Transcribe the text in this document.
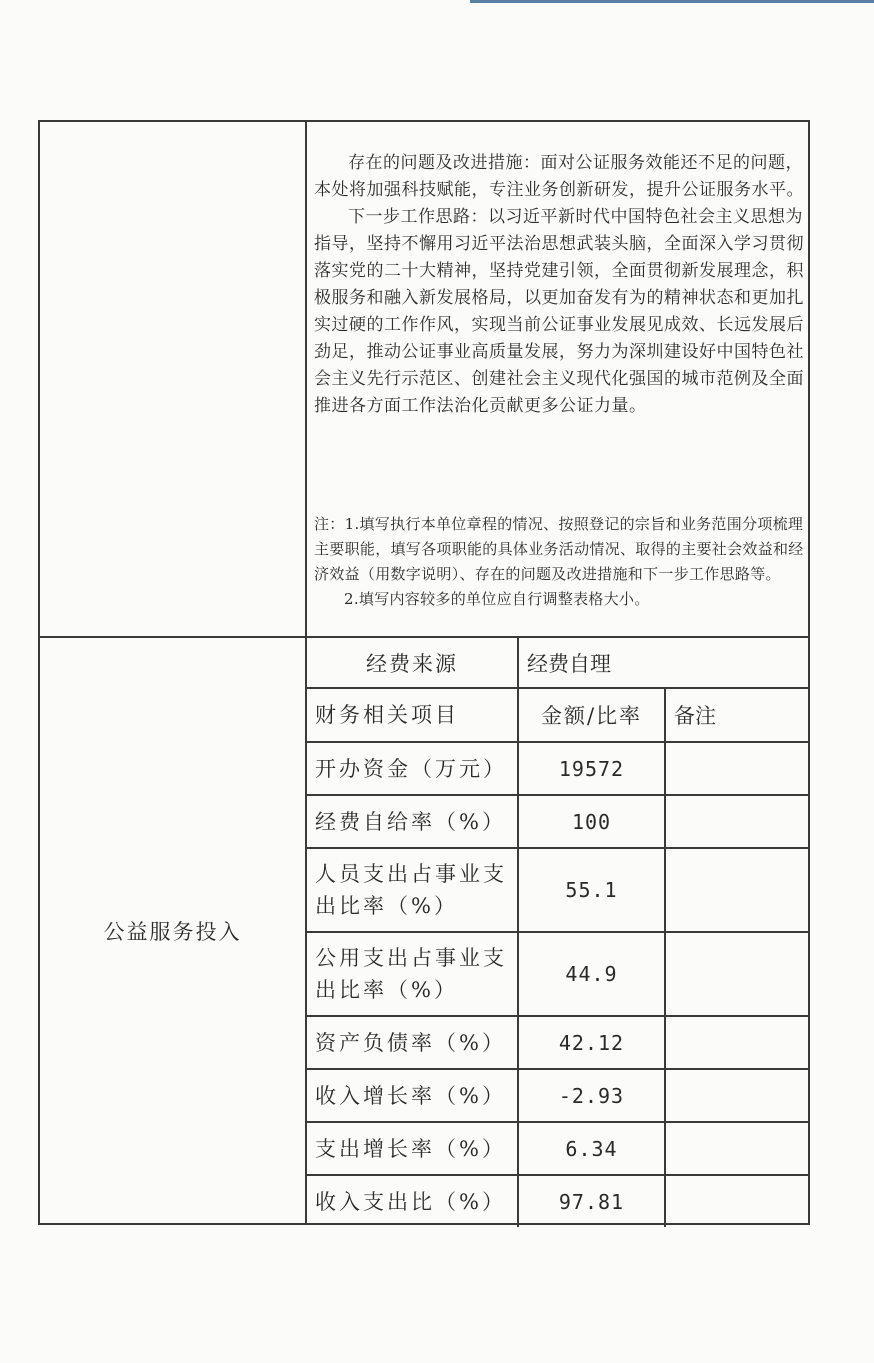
存在的问题及改进措施：面对公证服务效能还不足的问题，本处将加强科技赋能，专注业务创新研发，提升公证服务水平。

下一步工作思路：以习近平新时代中国特色社会主义思想为指导，坚持不懈用习近平法治思想武装头脑，全面深入学习贯彻落实党的二十大精神，坚持党建引领，全面贯彻新发展理念，积极服务和融入新发展格局，以更加奋发有为的精神状态和更加扎实过硬的工作作风，实现当前公证事业发展见成效、长远发展后劲足，推动公证事业高质量发展，努力为深圳建设好中国特色社会主义先行示范区、创建社会主义现代化强国的城市范例及全面推进各方面工作法治化贡献更多公证力量。

注：1.填写执行本单位章程的情况、按照登记的宗旨和业务范围分项梳理主要职能，填写各项职能的具体业务活动情况、取得的主要社会效益和经济效益（用数字说明）、存在的问题及改进措施和下一步工作思路等。

2.填写内容较多的单位应自行调整表格大小。

公益服务投入
经费来源	经费自理	
财务相关项目	金额/比率	备注
开办资金（万元）	19572	
经费自给率（%）	100	
人员支出占事业支出比率（%）	55.1	
公用支出占事业支出比率（%）	44.9	
资产负债率（%）	42.12	
收入增长率（%）	-2.93	
支出增长率（%）	6.34	
收入支出比（%）	97.81	
